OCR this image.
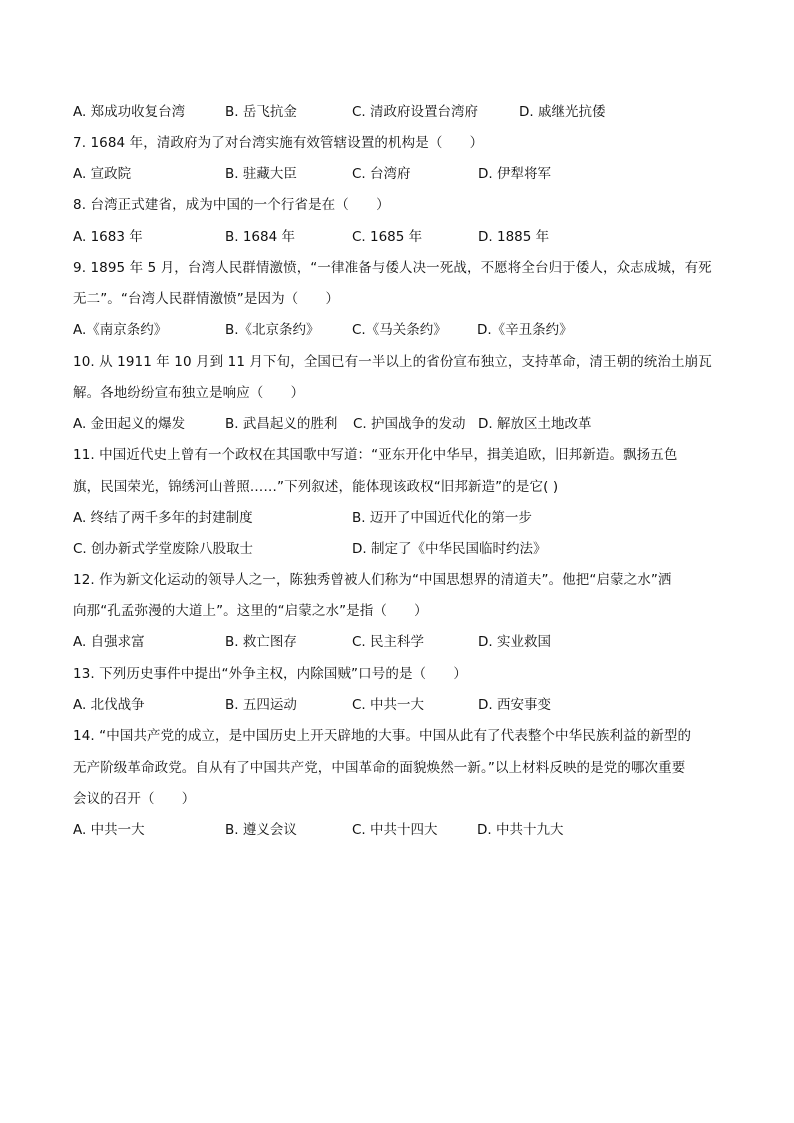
A. 郑成功收复台湾	B. 岳飞抗金	C. 清政府设置台湾府	D. 戚继光抗倭
7. 1684 年，清政府为了对台湾实施有效管辖设置的机构是（　　）
A. 宣政院	B. 驻藏大臣	C. 台湾府	D. 伊犁将军
8. 台湾正式建省，成为中国的一个行省是在（　　）
A. 1683 年	B. 1684 年	C. 1685 年	D. 1885 年
9. 1895 年 5 月，台湾人民群情激愤，“一律准备与倭人决一死战，不愿将全台归于倭人，众志成城，有死
无二”。“台湾人民群情激愤”是因为（　　）
A.《南京条约》	B.《北京条约》 C.《马关条约》 D.《辛丑条约》
10. 从 1911 年 10 月到 11 月下旬，全国已有一半以上的省份宣布独立，支持革命，清王朝的统治土崩瓦
解。各地纷纷宣布独立是响应（　　）
A. 金田起义的爆发	B. 武昌起义的胜利 C. 护国战争的发动 D. 解放区土地改革
11. 中国近代史上曾有一个政权在其国歌中写道：“亚东开化中华早，揖美追欧，旧邦新造。飘扬五色
旗，民国荣光，锦绣河山普照……”下列叙述，能体现该政权“旧邦新造”的是它( )
A. 终结了两千多年的封建制度	B. 迈开了中国近代化的第一步
C. 创办新式学堂废除八股取士	D. 制定了《中华民国临时约法》
12. 作为新文化运动的领导人之一，陈独秀曾被人们称为“中国思想界的清道夫”。他把“启蒙之水”洒
向那“孔孟弥漫的大道上”。这里的“启蒙之水”是指（　　）
A. 自强求富	B. 救亡图存	C. 民主科学	D. 实业救国
13. 下列历史事件中提出“外争主权，内除国贼”口号的是（　　）
A. 北伐战争	B. 五四运动	C. 中共一大	D. 西安事变
14. “中国共产党的成立，是中国历史上开天辟地的大事。中国从此有了代表整个中华民族利益的新型的
无产阶级革命政党。自从有了中国共产党，中国革命的面貌焕然一新。”以上材料反映的是党的哪次重要
会议的召开（　　）
A. 中共一大	B. 遵义会议	C. 中共十四大	D. 中共十九大
